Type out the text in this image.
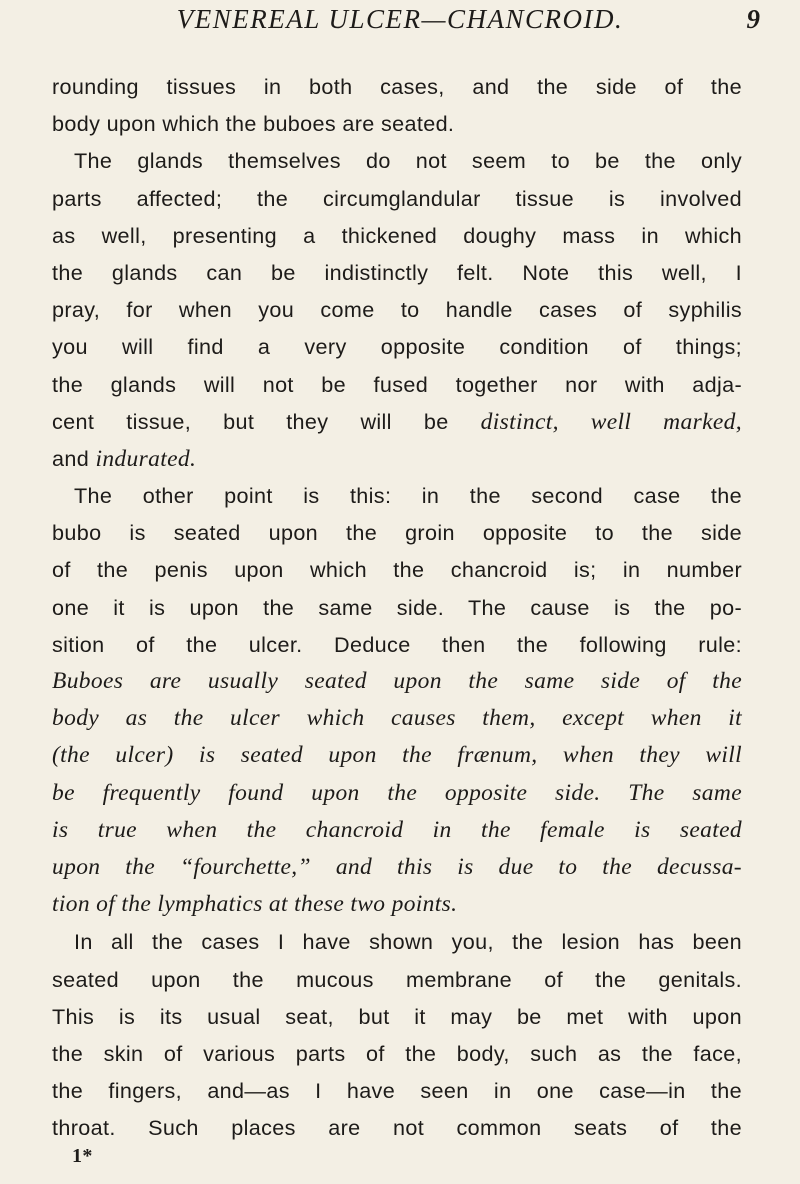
VENEREAL ULCER—CHANCROID.	9
rounding tissues in both cases, and the side of the
body upon which the buboes are seated.
The glands themselves do not seem to be the only
parts affected; the circumglandular tissue is involved
as well, presenting a thickened doughy mass in which
the glands can be indistinctly felt. Note this well, I
pray, for when you come to handle cases of syphilis
you will find a very opposite condition of things;
the glands will not be fused together nor with adja-
cent tissue, but they will be distinct, well marked,
and indurated.
The other point is this: in the second case the
bubo is seated upon the groin opposite to the side
of the penis upon which the chancroid is; in number
one it is upon the same side. The cause is the po-
sition of the ulcer. Deduce then the following rule:
Buboes are usually seated upon the same side of the
body as the ulcer which causes them, except when it
(the ulcer) is seated upon the frænum, when they will
be frequently found upon the opposite side. The same
is true when the chancroid in the female is seated
upon the “fourchette,” and this is due to the decussa-
tion of the lymphatics at these two points.
In all the cases I have shown you, the lesion has been
seated upon the mucous membrane of the genitals.
This is its usual seat, but it may be met with upon
the skin of various parts of the body, such as the face,
the fingers, and—as I have seen in one case—in the
throat. Such places are not common seats of the
1*
